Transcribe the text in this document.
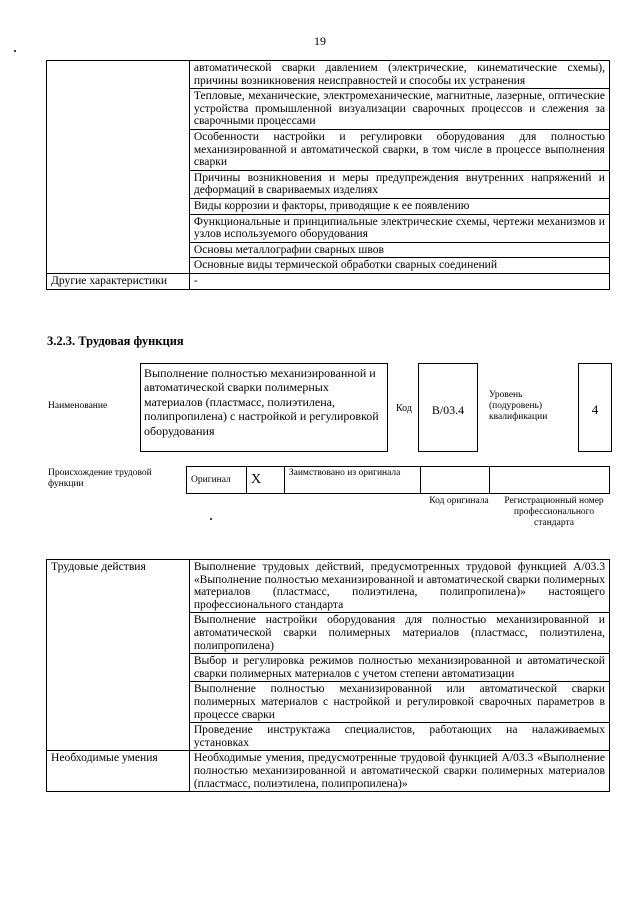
19
	автоматической сварки давлением (электрические, кинематические схемы), причины возникновения неисправностей и способы их устранения
	Тепловые, механические, электромеханические, магнитные, лазерные, оптические устройства промышленной визуализации сварочных процессов и слежения за сварочными процессами
	Особенности настройки и регулировки оборудования для полностью механизированной и автоматической сварки, в том числе в процессе выполнения сварки
	Причины возникновения и меры предупреждения внутренних напряжений и деформаций в свариваемых изделиях
	Виды коррозии и факторы, приводящие к ее появлению
	Функциональные и принципиальные электрические схемы, чертежи механизмов и узлов используемого оборудования
	Основы металлографии сварных швов
	Основные виды термической обработки сварных соединений
Другие характеристики	-
3.2.3. Трудовая функция
Наименование
Выполнение полностью механизированной и автоматической сварки полимерных материалов (пластмасс, полиэтилена, полипропилена) с настройкой и регулировкой оборудования
Код	B/03.4
Уровень (подуровень) квалификации	4
Происхождение трудовой функции	Оригинал	X	Заимствовано из оригинала		
Код оригинала	Регистрационный номер профессионального стандарта
Трудовые действия	Выполнение трудовых действий, предусмотренных трудовой функцией А/03.3 «Выполнение полностью механизированной и автоматической сварки полимерных материалов (пластмасс, полиэтилена, полипропилена)» настоящего профессионального стандарта
	Выполнение настройки оборудования для полностью механизированной и автоматической сварки полимерных материалов (пластмасс, полиэтилена, полипропилена)
	Выбор и регулировка режимов полностью механизированной и автоматической сварки полимерных материалов с учетом степени автоматизации
	Выполнение полностью механизированной или автоматической сварки полимерных материалов с настройкой и регулировкой сварочных параметров в процессе сварки
	Проведение инструктажа специалистов, работающих на налаживаемых установках
Необходимые умения	Необходимые умения, предусмотренные трудовой функцией А/03.3 «Выполнение полностью механизированной и автоматической сварки полимерных материалов (пластмасс, полиэтилена, полипропилена)»
